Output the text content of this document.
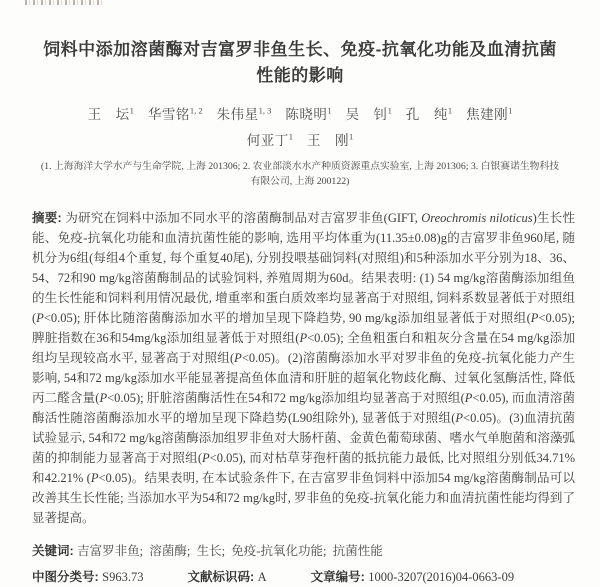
饲料中添加溶菌酶对吉富罗非鱼生长、免疫-抗氧化功能及血清抗菌
性能的影响
王　坛$^1$ 华雪铭$^{1, 2}$ 朱伟星$^{1, 3}$ 陈晓明$^1$ 吴　钊$^1$ 孔　纯$^1$ 焦建刚$^1$
何亚丁$^1$ 王　刚$^1$
(1. 上海海洋大学水产与生命学院, 上海 201306; 2. 农业部淡水水产种质资源重点实验室, 上海 201306; 3. 白银赛诺生物科技
有限公司, 上海 200122)
摘要: 为研究在饲料中添加不同水平的溶菌酶制品对吉富罗非鱼(GIFT, Oreochromis niloticus)生长性能、免疫-抗氧化功能和血清抗菌性能的影响, 选用平均体重为(11.35±0.08)g的吉富罗非鱼960尾, 随机分为6组(每组4个重复, 每个重复40尾), 分别投喂基础饲料(对照组)和5种添加水平分别为18、36、54、72和90 mg/kg溶菌酶制品的试验饲料, 养殖周期为60d。结果表明: (1) 54 mg/kg溶菌酶添加组鱼的生长性能和饲料利用情况最优, 增重率和蛋白质效率均显著高于对照组, 饲料系数显著低于对照组(P<0.05); 肝体比随溶菌酶添加水平的增加呈现下降趋势, 90 mg/kg添加组显著低于对照组(P<0.05); 脾脏指数在36和54mg/kg添加组显著低于对照组(P<0.05); 全鱼粗蛋白和粗灰分含量在54 mg/kg添加组均呈现较高水平, 显著高于对照组(P<0.05)。(2)溶菌酶添加水平对罗非鱼的免疫-抗氧化能力产生影响, 54和72 mg/kg添加水平能显著提高鱼体血清和肝脏的超氧化物歧化酶、过氧化氢酶活性, 降低丙二醛含量(P<0.05); 肝脏溶菌酶活性在54和72 mg/kg添加组均显著高于对照组(P<0.05), 而血清溶菌酶活性随溶菌酶添加水平的增加呈现下降趋势(L90组除外), 显著低于对照组(P<0.05)。(3)血清抗菌试验显示, 54和72 mg/kg溶菌酶添加组罗非鱼对大肠杆菌、金黄色葡萄球菌、嗜水气单胞菌和溶藻弧菌的抑制能力显著高于对照组(P<0.05), 而对枯草芽孢杆菌的抵抗能力最低, 比对照组分别低34.71%和42.21% (P<0.05)。结果表明, 在本试验条件下, 在吉富罗非鱼饲料中添加54 mg/kg溶菌酶制品可以改善其生长性能; 当添加水平为54和72 mg/kg时, 罗非鱼的免疫-抗氧化能力和血清抗菌性能均得到了显著提高。
关键词: 吉富罗非鱼;  溶菌酶;  生长;  免疫-抗氧化功能;  抗菌性能
中图分类号: S963.73	文献标识码: A	文章编号: 1000-3207(2016)04-0663-09
